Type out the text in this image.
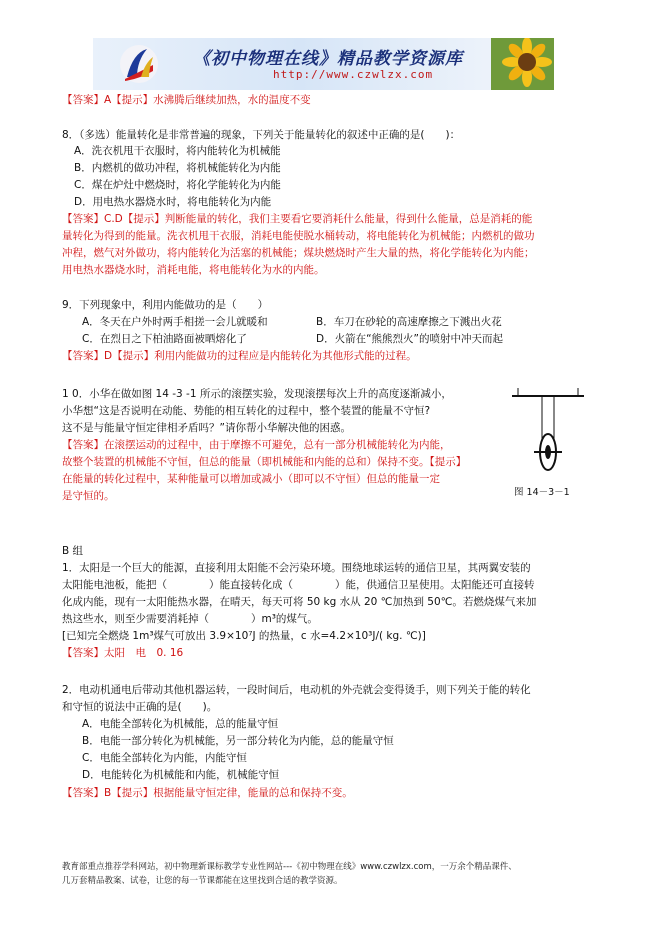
《初中物理在线》精品教学资源库
http://www.czwlzx.com
【答案】A【提示】水沸腾后继续加热，水的温度不变
8．（多选）能量转化是非常普遍的现象，下列关于能量转化的叙述中正确的是(　　)：
A．洗衣机甩干衣服时，将内能转化为机械能
B．内燃机的做功冲程，将机械能转化为内能
C．煤在炉灶中燃烧时，将化学能转化为内能
D．用电热水器烧水时，将电能转化为内能
【答案】C.D【提示】判断能量的转化，我们主要看它要消耗什么能量，得到什么能量，总是消耗的能
量转化为得到的能量。洗衣机甩干衣服，消耗电能使脱水桶转动，将电能转化为机械能；内燃机的做功
冲程，燃气对外做功，将内能转化为活塞的机械能；煤块燃烧时产生大量的热，将化学能转化为内能；
用电热水器烧水时，消耗电能，将电能转化为水的内能。
9．下列现象中，利用内能做功的是（　　）
A．冬天在户外时两手相搓一会儿就暖和	B．车刀在砂轮的高速摩擦之下溅出火花
C．在烈日之下柏油路面被晒熔化了	D．火箭在“熊熊烈火”的喷射中冲天而起
【答案】D【提示】利用内能做功的过程应是内能转化为其他形式能的过程。
1 0．小华在做如图 14 -3 -1 所示的滚摆实验，发现滚摆每次上升的高度逐渐减小，
小华想“这是否说明在动能、势能的相互转化的过程中，整个装置的能量不守恒?
这不是与能量守恒定律相矛盾吗？”请你帮小华解决他的困惑。
【答案】在滚摆运动的过程中，由于摩擦不可避免，总有一部分机械能转化为内能，
故整个装置的机械能不守恒，但总的能量（即机械能和内能的总和）保持不变。【提示】
在能量的转化过程中，某种能量可以增加或减小（即可以不守恒）但总的能量一定
是守恒的。	图 14－3－1
B 组
1．太阳是一个巨大的能源，直接利用太阳能不会污染环境。围绕地球运转的通信卫星，其两翼安装的
太阳能电池板，能把（　　　　）能直接转化成（　　　　）能，供通信卫星使用。太阳能还可直接转
化成内能，现有一太阳能热水器，在晴天，每天可将 50 kg 水从 20 ℃加热到 50℃。若燃烧煤气来加
热这些水，则至少需要消耗掉（　　　　）m³的煤气。
[已知完全燃烧 1m³煤气可放出 3.9×10⁷J 的热量，c 水=4.2×10³J/( kg. ℃)]
【答案】太阳　电　0. 16
2．电动机通电后带动其他机器运转，一段时间后，电动机的外壳就会变得烫手，则下列关于能的转化
和守恒的说法中正确的是(　　)。
A．电能全部转化为机械能，总的能量守恒
B．电能一部分转化为机械能，另一部分转化为内能，总的能量守恒
C．电能全部转化为内能，内能守恒
D．电能转化为机械能和内能，机械能守恒
【答案】B【提示】根据能量守恒定律，能量的总和保持不变。
教育部重点推荐学科网站，初中物理新课标教学专业性网站---《初中物理在线》www.czwlzx.com，一万余个精品课件、
几万套精品教案、试卷，让您的每一节课都能在这里找到合适的教学资源。
